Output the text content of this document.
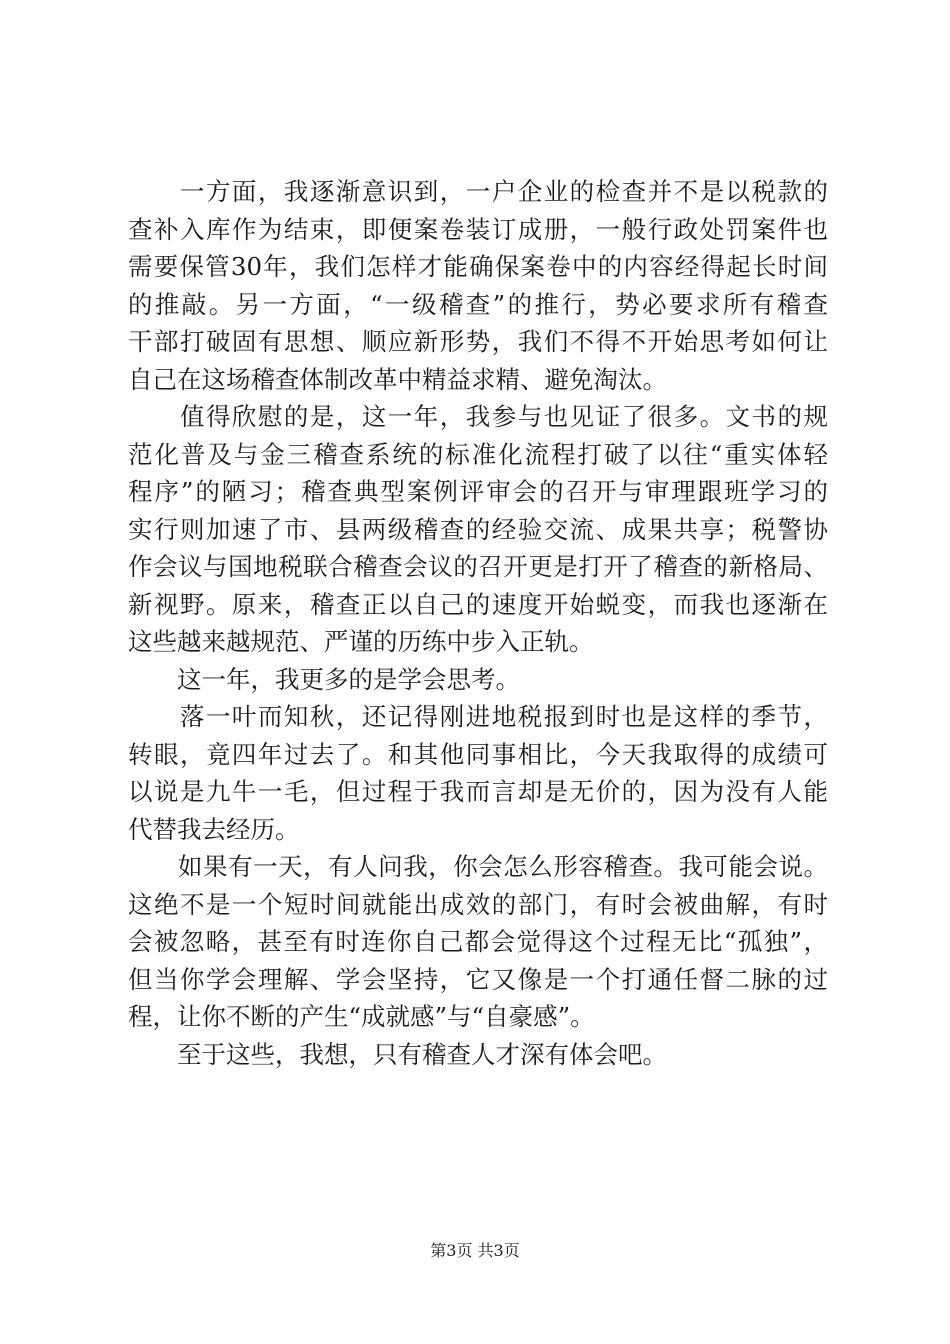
　　一方面，我逐渐意识到，一户企业的检查并不是以税款的
查补入库作为结束，即便案卷装订成册，一般行政处罚案件也
需要保管30年，我们怎样才能确保案卷中的内容经得起长时间
的推敲。另一方面，“一级稽查”的推行，势必要求所有稽查
干部打破固有思想、顺应新形势，我们不得不开始思考如何让
自己在这场稽查体制改革中精益求精、避免淘汰。
　　值得欣慰的是，这一年，我参与也见证了很多。文书的规
范化普及与金三稽查系统的标准化流程打破了以往“重实体轻
程序”的陋习；稽查典型案例评审会的召开与审理跟班学习的
实行则加速了市、县两级稽查的经验交流、成果共享；税警协
作会议与国地税联合稽查会议的召开更是打开了稽查的新格局、
新视野。原来，稽查正以自己的速度开始蜕变，而我也逐渐在
这些越来越规范、严谨的历练中步入正轨。
　　这一年，我更多的是学会思考。
　　落一叶而知秋，还记得刚进地税报到时也是这样的季节，
转眼，竟四年过去了。和其他同事相比，今天我取得的成绩可
以说是九牛一毛，但过程于我而言却是无价的，因为没有人能
代替我去经历。
　　如果有一天，有人问我，你会怎么形容稽查。我可能会说。
这绝不是一个短时间就能出成效的部门，有时会被曲解，有时
会被忽略，甚至有时连你自己都会觉得这个过程无比“孤独”，
但当你学会理解、学会坚持，它又像是一个打通任督二脉的过
程，让你不断的产生“成就感”与“自豪感”。
　　至于这些，我想，只有稽查人才深有体会吧。
第3页 共3页
